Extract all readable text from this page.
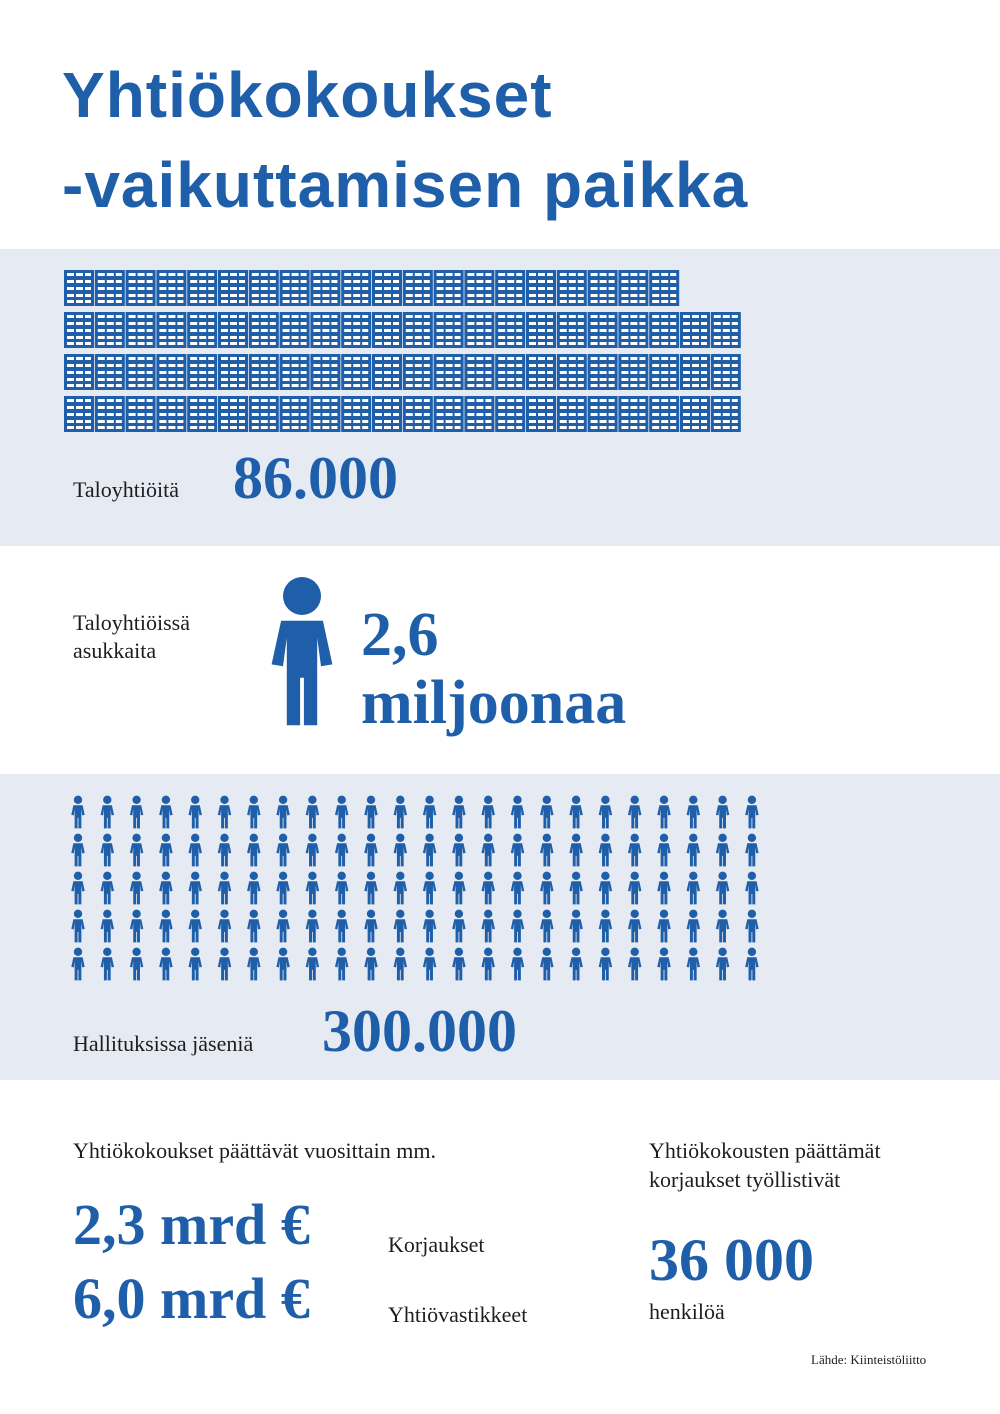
Yhtiökokoukset
-vaikuttamisen paikka
Taloyhtiöitä 86.000
Taloyhtiöissä
asukkaita	2,6
miljoonaa
Hallituksissa jäseniä 300.000
Yhtiökokoukset päättävät vuosittain mm.
2,3 mrd €	Korjaukset
6,0 mrd €	Yhtiövastikkeet
Yhtiökokousten päättämät
korjaukset työllistivät
36 000
henkilöä
Lähde: Kiinteistöliitto
